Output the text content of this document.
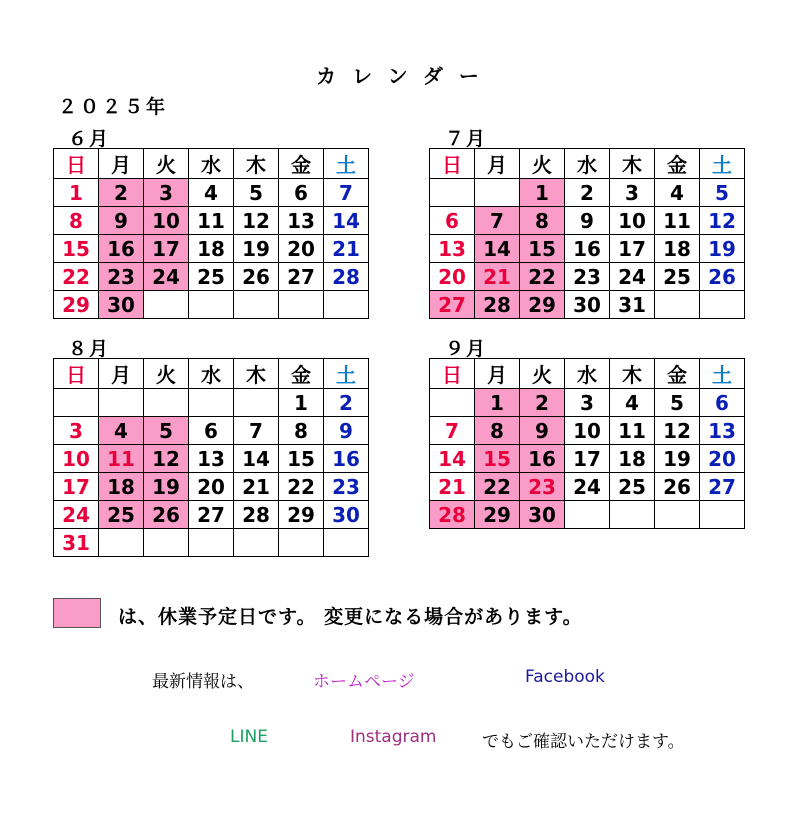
カレンダー
２０２５年
６月
日	月	火	水	木	金	土
1	2	3	4	5	6	7
8	9	10	11	12	13	14
15	16	17	18	19	20	21
22	23	24	25	26	27	28
29	30					
７月
日	月	火	水	木	金	土
		1	2	3	4	5
6	7	8	9	10	11	12
13	14	15	16	17	18	19
20	21	22	23	24	25	26
27	28	29	30	31		
８月
日	月	火	水	木	金	土
					1	2
3	4	5	6	7	8	9
10	11	12	13	14	15	16
17	18	19	20	21	22	23
24	25	26	27	28	29	30
31						
９月
日	月	火	水	木	金	土
	1	2	3	4	5	6
7	8	9	10	11	12	13
14	15	16	17	18	19	20
21	22	23	24	25	26	27
28	29	30				
は、休業予定日です。 変更になる場合があります。
最新情報は、	ホームページ	Facebook
LINE	Instagram	でもご確認いただけます。
